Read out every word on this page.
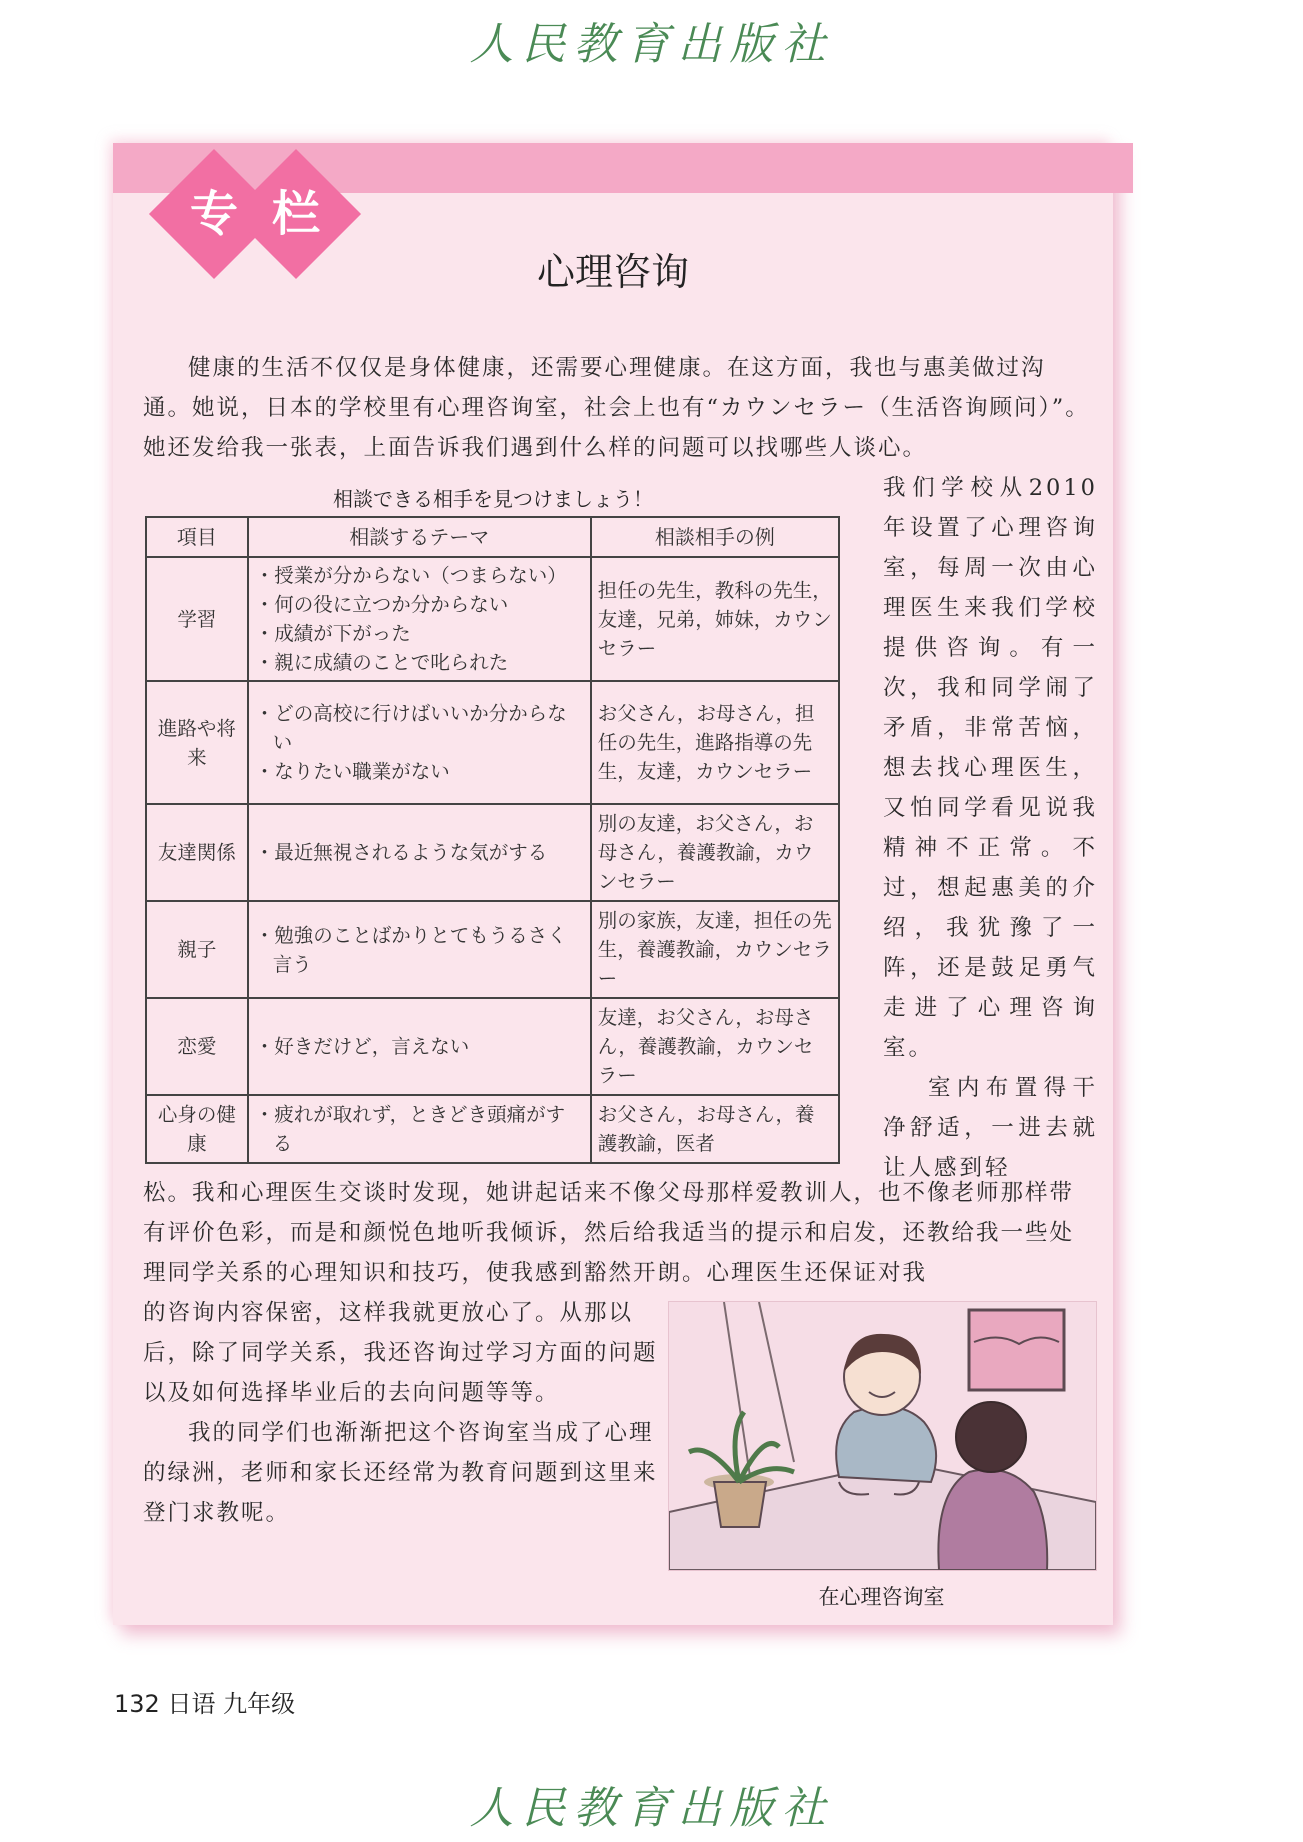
人民教育出版社
专 栏
心理咨询

健康的生活不仅仅是身体健康，还需要心理健康。在这方面，我也与惠美做过沟通。她说，日本的学校里有心理咨询室，社会上也有“カウンセラー（生活咨询顾问）”。她还发给我一张表，上面告诉我们遇到什么样的问题可以找哪些人谈心。

相談できる相手を見つけましょう！
項目	相談するテーマ	相談相手の例
学習	・授業が分からない（つまらない）
・何の役に立つか分からない
・成績が下がった
・親に成績のことで叱られた	担任の先生，教科の先生，友達，兄弟，姉妹，カウンセラー
進路や将来	・どの高校に行けばいいか分からない
・なりたい職業がない	お父さん，お母さん，担任の先生，進路指導の先生，友達，カウンセラー
友達関係	・最近無視されるような気がする	別の友達，お父さん，お母さん，養護教諭，カウンセラー
親子	・勉強のことばかりとてもうるさく言う	別の家族，友達，担任の先生，養護教諭，カウンセラー
恋愛	・好きだけど，言えない	友達，お父さん，お母さん，養護教諭，カウンセラー
心身の健康	・疲れが取れず，ときどき頭痛がする	お父さん，お母さん，養護教諭，医者
我们学校从2010年设置了心理咨询室，每周一次由心理医生来我们学校提供咨询。有一次，我和同学闹了矛盾，非常苦恼，想去找心理医生，又怕同学看见说我精神不正常。不过，想起惠美的介绍，我犹豫了一阵，还是鼓足勇气走进了心理咨询室。
室内布置得干净舒适，一进去就让人感到轻

松。我和心理医生交谈时发现，她讲起话来不像父母那样爱教训人，也不像老师那样带有评价色彩，而是和颜悦色地听我倾诉，然后给我适当的提示和启发，还教给我一些处理同学关系的心理知识和技巧，使我感到豁然开朗。心理医生还保证对我

的咨询内容保密，这样我就更放心了。从那以后，除了同学关系，我还咨询过学习方面的问题以及如何选择毕业后的去向问题等等。
我的同学们也渐渐把这个咨询室当成了心理的绿洲，老师和家长还经常为教育问题到这里来登门求教呢。
在心理咨询室
132 日语 九年级
人民教育出版社
